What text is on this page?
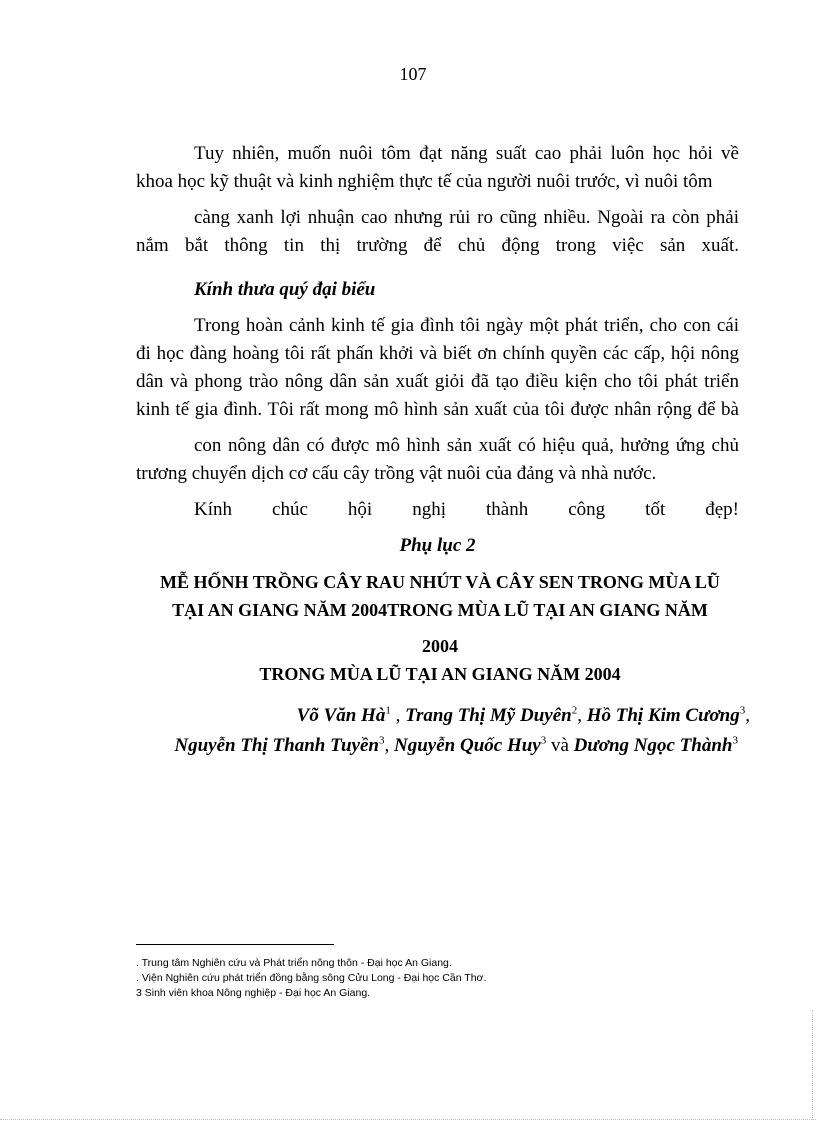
107
Tuy nhiên, muốn nuôi tôm đạt năng suất cao phải luôn học hỏi về
khoa học kỹ thuật và kinh nghiệm thực tế của người nuôi trước, vì nuôi tôm
càng xanh lợi nhuận cao nhưng rủi ro cũng nhiều. Ngoài ra còn phải
nắm bắt thông tin thị trường để chủ động trong việc sản xuất.
Kính thưa quý đại biểu
Trong hoàn cảnh kinh tế gia đình tôi ngày một phát triển, cho con cái
đi học đàng hoàng tôi rất phấn khởi và biết ơn chính quyền các cấp, hội nông
dân và phong trào nông dân sản xuất giỏi đã tạo điều kiện cho tôi phát triển
kinh tế gia đình. Tôi rất mong mô hình sản xuất của tôi được nhân rộng để bà
con nông dân có được mô hình sản xuất có hiệu quả, hưởng ứng chủ
trương chuyển dịch cơ cấu cây trồng vật nuôi của đảng và nhà nước.
Kính chúc hội nghị thành công tốt đẹp!
Phụ lục 2
MỄ HỐNH TRỒNG CÂY RAU NHÚT VÀ CÂY SEN TRONG MÙA LŨ
TẠI AN GIANG NĂM 2004TRONG MÙA LŨ TẠI AN GIANG NĂM
2004
TRONG MÙA LŨ TẠI AN GIANG NĂM 2004
Võ Văn $Hà^1$ , Trang Thị Mỹ Duyên$^2$, Hồ Thị Kim Cương$^3$,
Nguyễn Thị Thanh Tuyền$^3$, Nguyễn Quốc Huy$^3$ và Dương Ngọc Thành$^3$
. Trung tâm Nghiên cứu và Phát triển nông thôn - Đại học An Giang.
. Viện Nghiên cứu phát triển đồng bằng sông Cửu Long - Đại học Cần Thơ.
3 Sinh viên khoa Nông nghiệp - Đại học An Giang.
